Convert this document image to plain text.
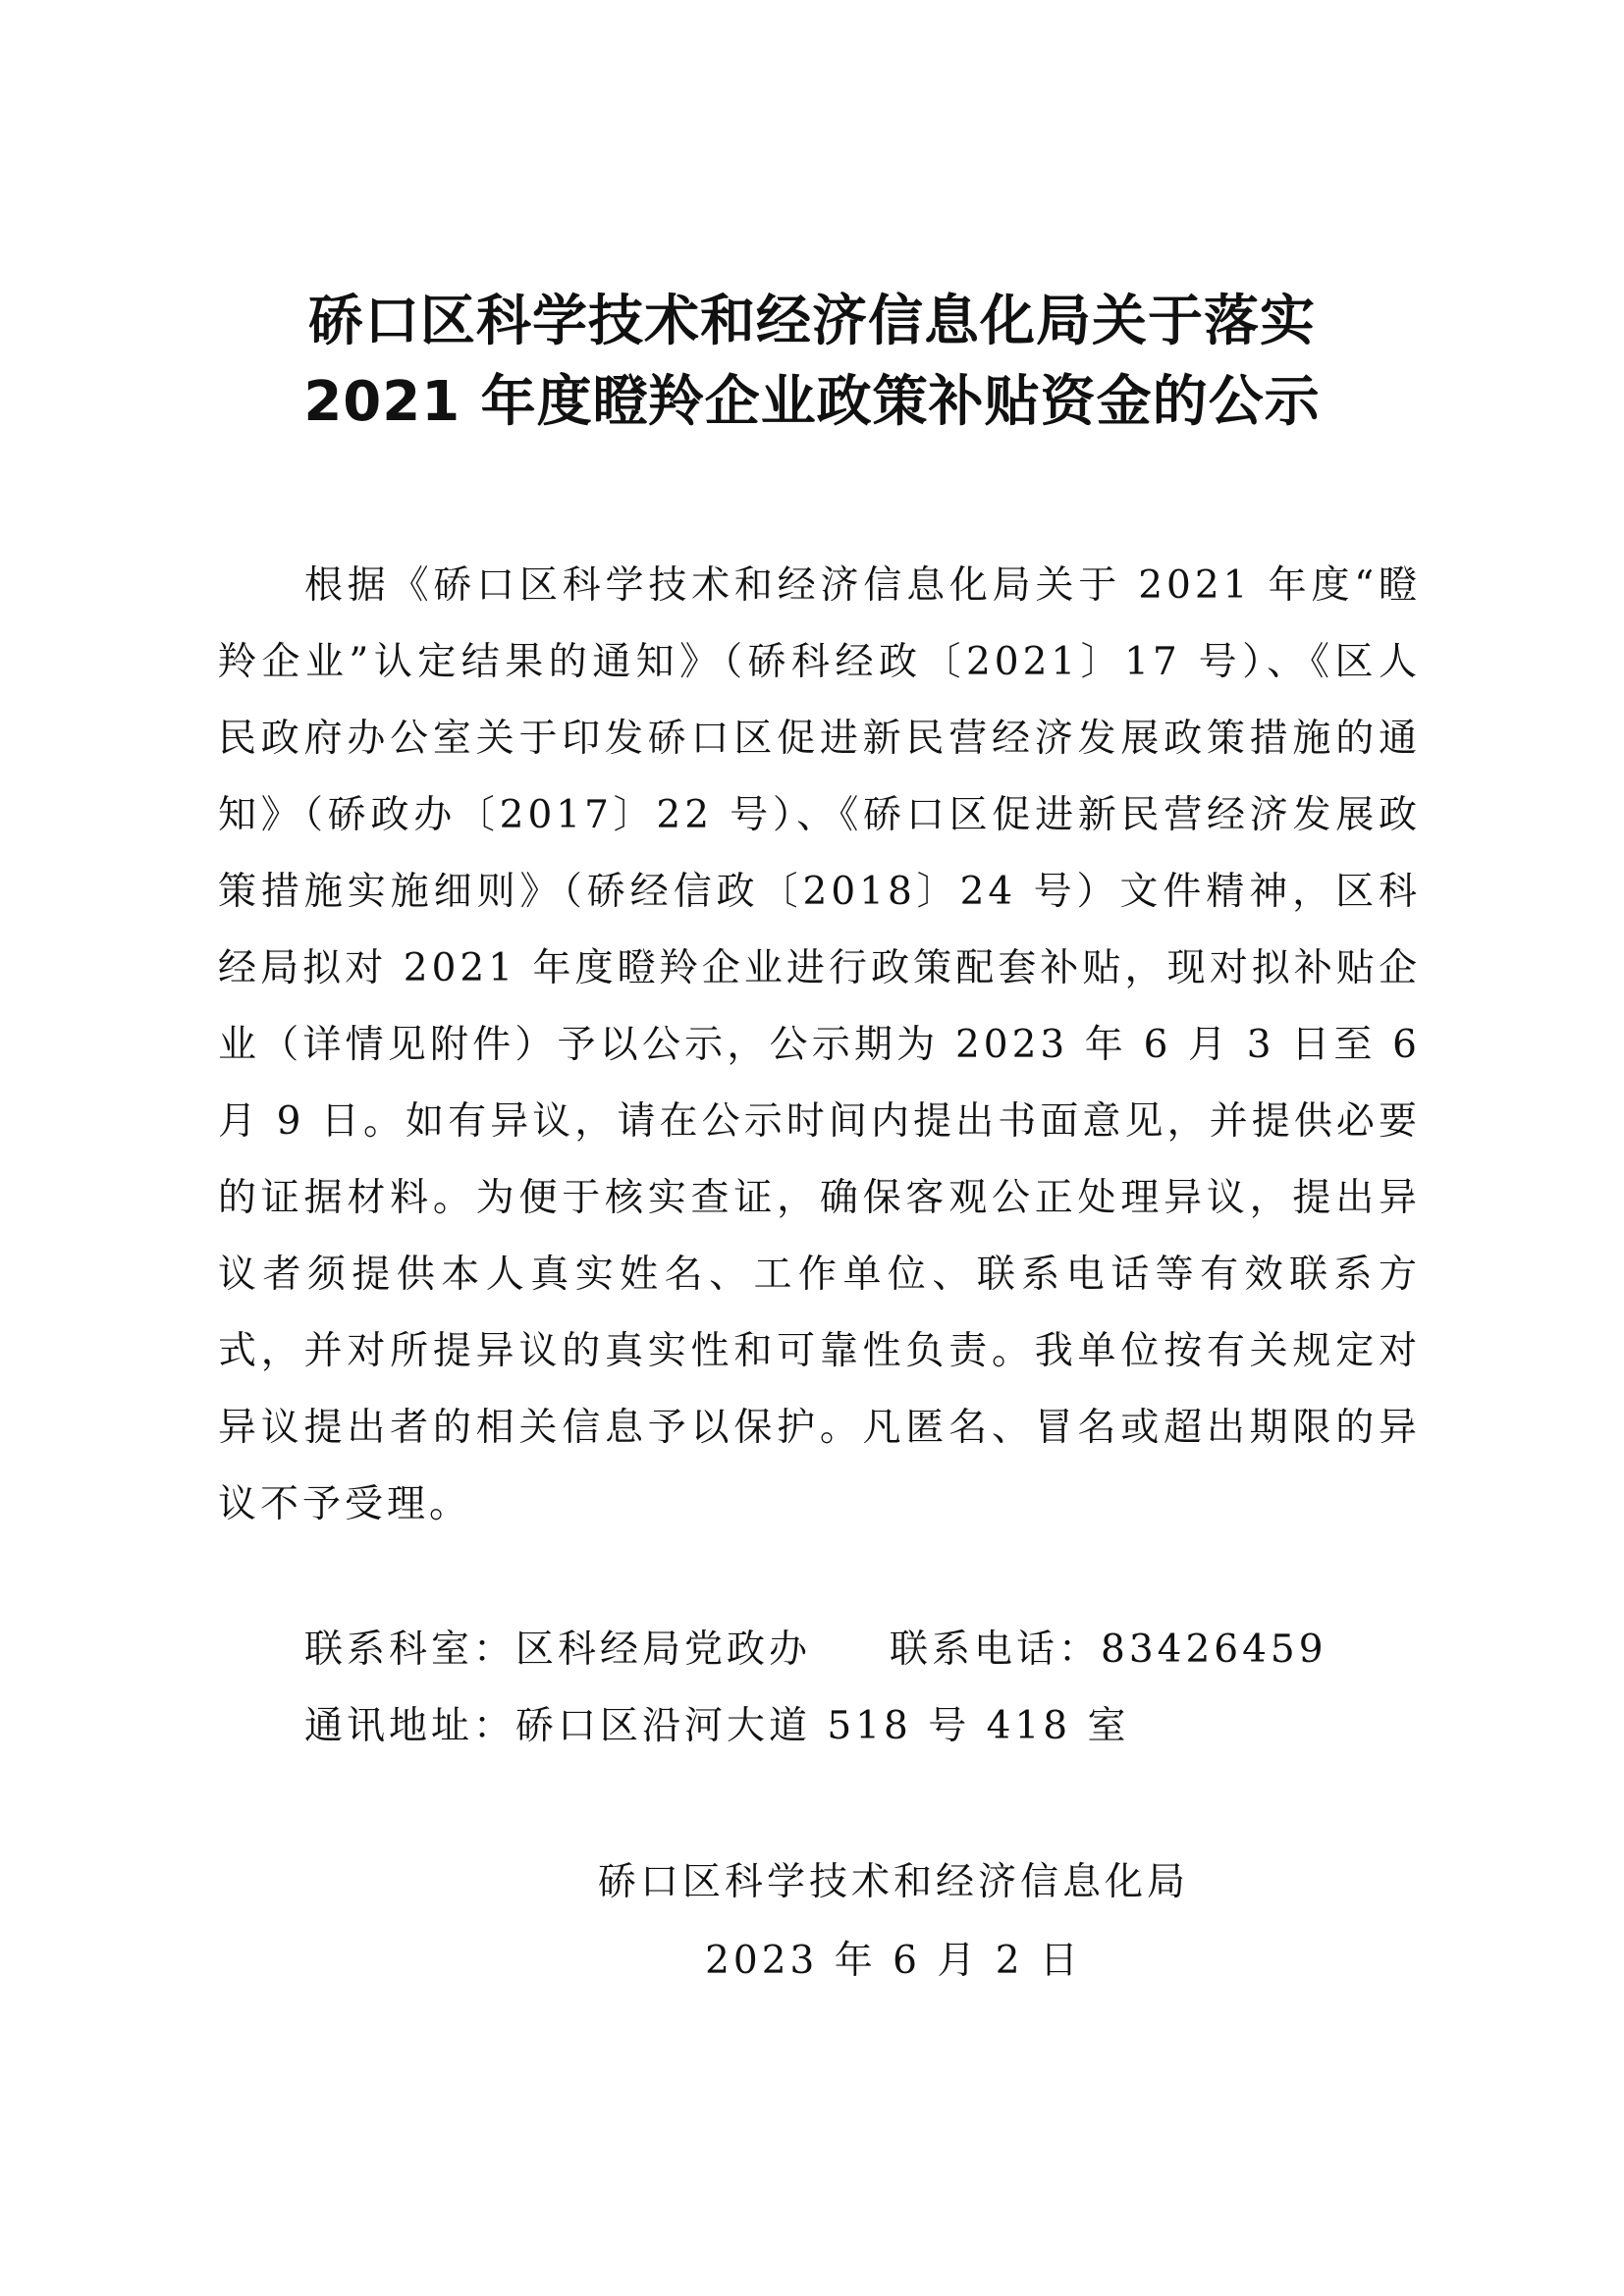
硚口区科学技术和经济信息化局关于落实
2021 年度瞪羚企业政策补贴资金的公示

根据《硚口区科学技术和经济信息化局关于 2021 年度“瞪羚企业”认定结果的通知》（硚科经政〔2021〕17 号）、《区人民政府办公室关于印发硚口区促进新民营经济发展政策措施的通知》（硚政办〔2017〕22 号）、《硚口区促进新民营经济发展政策措施实施细则》（硚经信政〔2018〕24 号）文件精神，区科经局拟对 2021 年度瞪羚企业进行政策配套补贴，现对拟补贴企业（详情见附件）予以公示，公示期为 2023 年 6 月 3 日至 6 月 9 日。如有异议，请在公示时间内提出书面意见，并提供必要的证据材料。为便于核实查证，确保客观公正处理异议，提出异议者须提供本人真实姓名、工作单位、联系电话等有效联系方式，并对所提异议的真实性和可靠性负责。我单位按有关规定对异议提出者的相关信息予以保护。凡匿名、冒名或超出期限的异议不予受理。

联系科室：区科经局党政办 联系电话：83426459
通讯地址：硚口区沿河大道 518 号 418 室
硚口区科学技术和经济信息化局
2023 年 6 月 2 日
